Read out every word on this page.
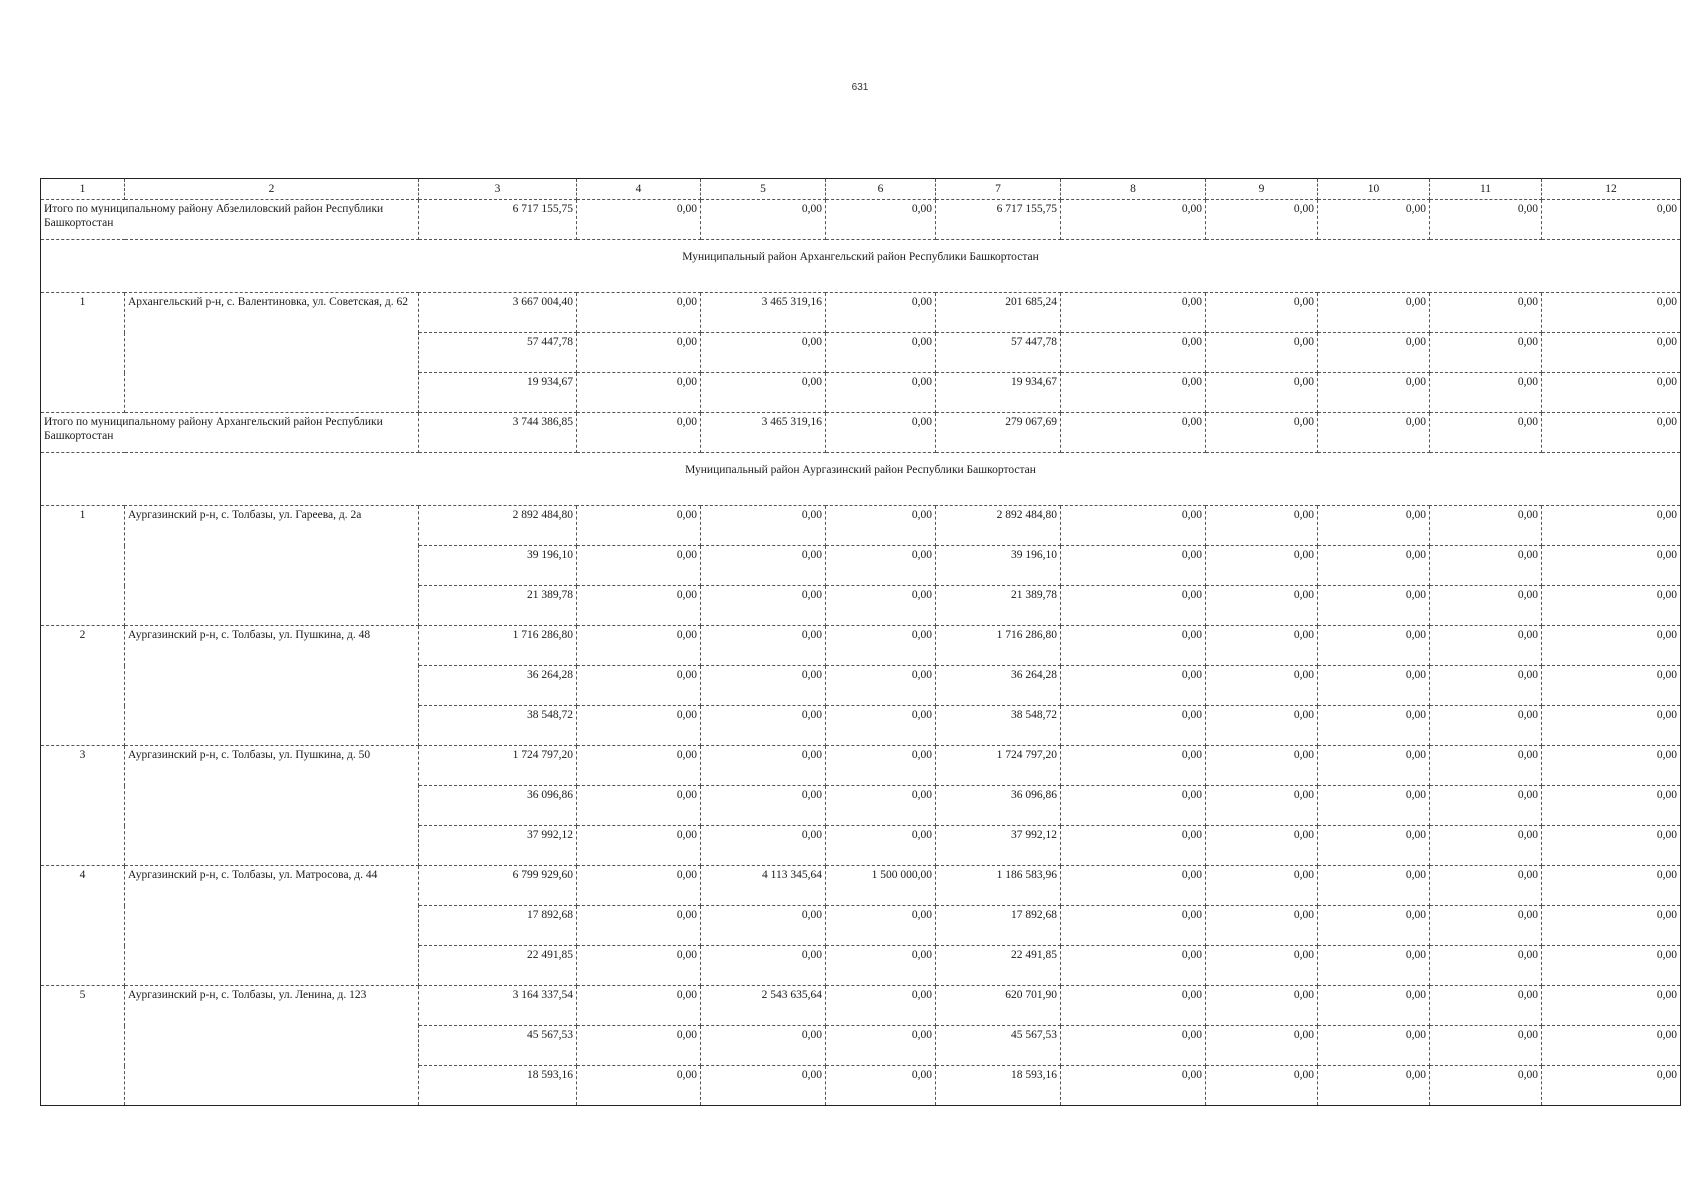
631
1	2	3	4	5	6	7	8	9	10	11	12
Итого по муниципальному району Абзелиловский район Республики Башкортостан		6 717 155,75	0,00	0,00	0,00	6 717 155,75	0,00	0,00	0,00	0,00	0,00
Муниципальный район Архангельский район Республики Башкортостан											
1	Архангельский р-н, с. Валентиновка, ул. Советская, д. 62	3 667 004,40	0,00	3 465 319,16	0,00	201 685,24	0,00	0,00	0,00	0,00	0,00
		57 447,78	0,00	0,00	0,00	57 447,78	0,00	0,00	0,00	0,00	0,00
		19 934,67	0,00	0,00	0,00	19 934,67	0,00	0,00	0,00	0,00	0,00
Итого по муниципальному району Архангельский район Республики Башкортостан		3 744 386,85	0,00	3 465 319,16	0,00	279 067,69	0,00	0,00	0,00	0,00	0,00
Муниципальный район Аургазинский район Республики Башкортостан											
1	Аургазинский р-н, с. Толбазы, ул. Гареева, д. 2а	2 892 484,80	0,00	0,00	0,00	2 892 484,80	0,00	0,00	0,00	0,00	0,00
		39 196,10	0,00	0,00	0,00	39 196,10	0,00	0,00	0,00	0,00	0,00
		21 389,78	0,00	0,00	0,00	21 389,78	0,00	0,00	0,00	0,00	0,00
2	Аургазинский р-н, с. Толбазы, ул. Пушкина, д. 48	1 716 286,80	0,00	0,00	0,00	1 716 286,80	0,00	0,00	0,00	0,00	0,00
		36 264,28	0,00	0,00	0,00	36 264,28	0,00	0,00	0,00	0,00	0,00
		38 548,72	0,00	0,00	0,00	38 548,72	0,00	0,00	0,00	0,00	0,00
3	Аургазинский р-н, с. Толбазы, ул. Пушкина, д. 50	1 724 797,20	0,00	0,00	0,00	1 724 797,20	0,00	0,00	0,00	0,00	0,00
		36 096,86	0,00	0,00	0,00	36 096,86	0,00	0,00	0,00	0,00	0,00
		37 992,12	0,00	0,00	0,00	37 992,12	0,00	0,00	0,00	0,00	0,00
4	Аургазинский р-н, с. Толбазы, ул. Матросова, д. 44	6 799 929,60	0,00	4 113 345,64	1 500 000,00	1 186 583,96	0,00	0,00	0,00	0,00	0,00
		17 892,68	0,00	0,00	0,00	17 892,68	0,00	0,00	0,00	0,00	0,00
		22 491,85	0,00	0,00	0,00	22 491,85	0,00	0,00	0,00	0,00	0,00
5	Аургазинский р-н, с. Толбазы, ул. Ленина, д. 123	3 164 337,54	0,00	2 543 635,64	0,00	620 701,90	0,00	0,00	0,00	0,00	0,00
		45 567,53	0,00	0,00	0,00	45 567,53	0,00	0,00	0,00	0,00	0,00
		18 593,16	0,00	0,00	0,00	18 593,16	0,00	0,00	0,00	0,00	0,00
